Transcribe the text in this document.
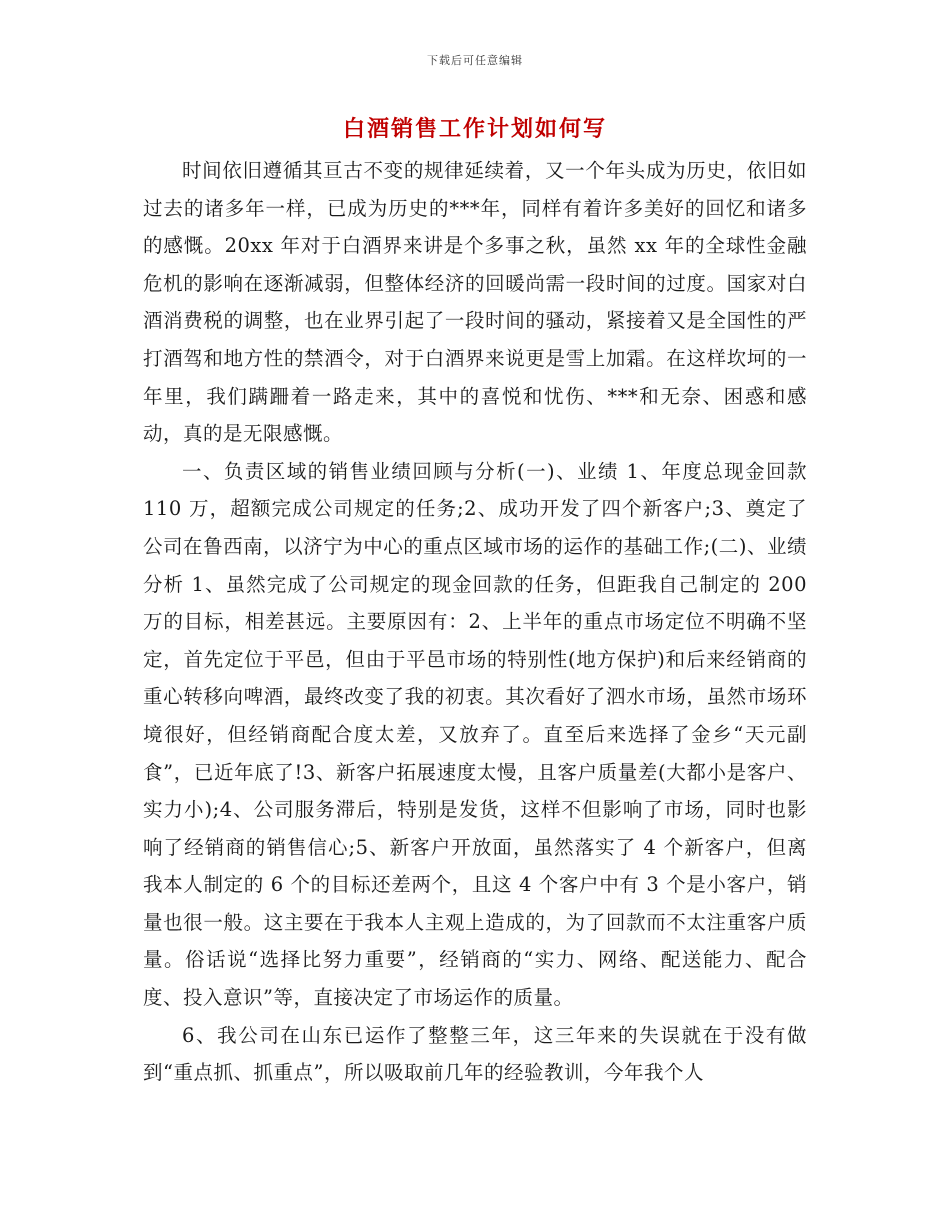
下载后可任意编辑
白酒销售工作计划如何写

时间依旧遵循其亘古不变的规律延续着，又一个年头成为历史，依旧如过去的诸多年一样，已成为历史的***年，同样有着许多美好的回忆和诸多的感慨。20xx 年对于白酒界来讲是个多事之秋，虽然 xx 年的全球性金融危机的影响在逐渐减弱，但整体经济的回暖尚需一段时间的过度。国家对白酒消费税的调整，也在业界引起了一段时间的骚动，紧接着又是全国性的严打酒驾和地方性的禁酒令，对于白酒界来说更是雪上加霜。在这样坎坷的一年里，我们蹒跚着一路走来，其中的喜悦和忧伤、***和无奈、困惑和感动，真的是无限感慨。

一、负责区域的销售业绩回顾与分析(一)、业绩 1、年度总现金回款 110 万，超额完成公司规定的任务;2、成功开发了四个新客户;3、奠定了公司在鲁西南，以济宁为中心的重点区域市场的运作的基础工作;(二)、业绩分析 1、虽然完成了公司规定的现金回款的任务，但距我自己制定的 200 万的目标，相差甚远。主要原因有：2、上半年的重点市场定位不明确不坚定，首先定位于平邑，但由于平邑市场的特别性(地方保护)和后来经销商的重心转移向啤酒，最终改变了我的初衷。其次看好了泗水市场，虽然市场环境很好，但经销商配合度太差，又放弃了。直至后来选择了金乡“天元副食”，已近年底了!3、新客户拓展速度太慢，且客户质量差(大都小是客户、实力小);4、公司服务滞后，特别是发货，这样不但影响了市场，同时也影响了经销商的销售信心;5、新客户开放面，虽然落实了 4 个新客户，但离我本人制定的 6 个的目标还差两个，且这 4 个客户中有 3 个是小客户，销量也很一般。这主要在于我本人主观上造成的，为了回款而不太注重客户质量。俗话说“选择比努力重要”，经销商的“实力、网络、配送能力、配合度、投入意识”等，直接决定了市场运作的质量。

6、我公司在山东已运作了整整三年，这三年来的失误就在于没有做到“重点抓、抓重点”，所以吸取前几年的经验教训，今年我个人
